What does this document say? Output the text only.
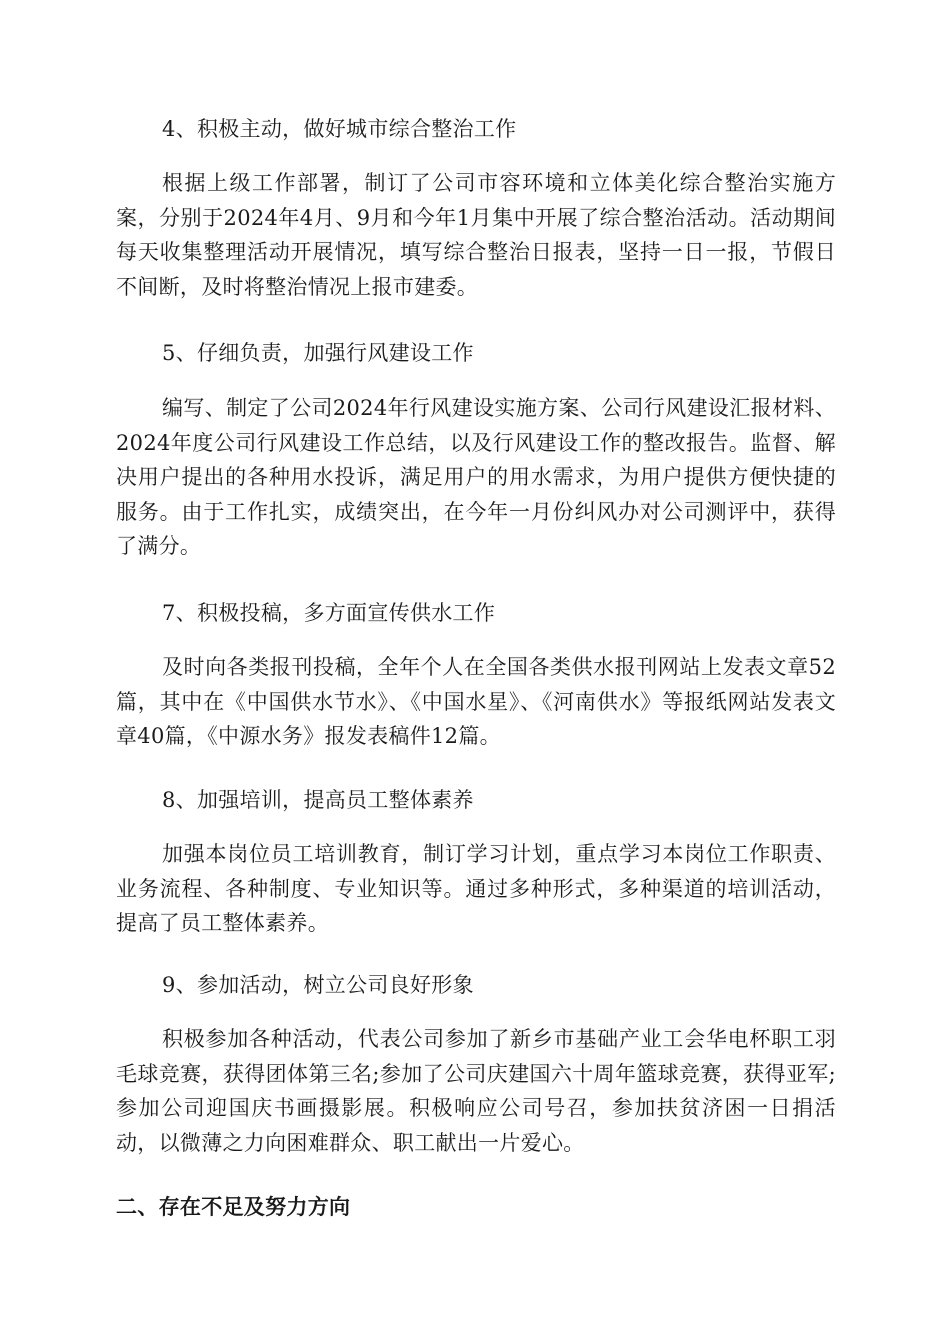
4、积极主动，做好城市综合整治工作

根据上级工作部署，制订了公司市容环境和立体美化综合整治实施方案，分别于2024年4月、9月和今年1月集中开展了综合整治活动。活动期间每天收集整理活动开展情况，填写综合整治日报表，坚持一日一报，节假日不间断，及时将整治情况上报市建委。

5、仔细负责，加强行风建设工作

编写、制定了公司2024年行风建设实施方案、公司行风建设汇报材料、2024年度公司行风建设工作总结，以及行风建设工作的整改报告。监督、解决用户提出的各种用水投诉，满足用户的用水需求，为用户提供方便快捷的服务。由于工作扎实，成绩突出，在今年一月份纠风办对公司测评中，获得了满分。

7、积极投稿，多方面宣传供水工作

及时向各类报刊投稿，全年个人在全国各类供水报刊网站上发表文章52篇，其中在《中国供水节水》、《中国水星》、《河南供水》等报纸网站发表文章40篇，《中源水务》报发表稿件12篇。

8、加强培训，提高员工整体素养

加强本岗位员工培训教育，制订学习计划，重点学习本岗位工作职责、业务流程、各种制度、专业知识等。通过多种形式，多种渠道的培训活动，提高了员工整体素养。

9、参加活动，树立公司良好形象

积极参加各种活动，代表公司参加了新乡市基础产业工会华电杯职工羽毛球竞赛，获得团体第三名;参加了公司庆建国六十周年篮球竞赛，获得亚军;参加公司迎国庆书画摄影展。积极响应公司号召，参加扶贫济困一日捐活动，以微薄之力向困难群众、职工献出一片爱心。

二、存在不足及努力方向
